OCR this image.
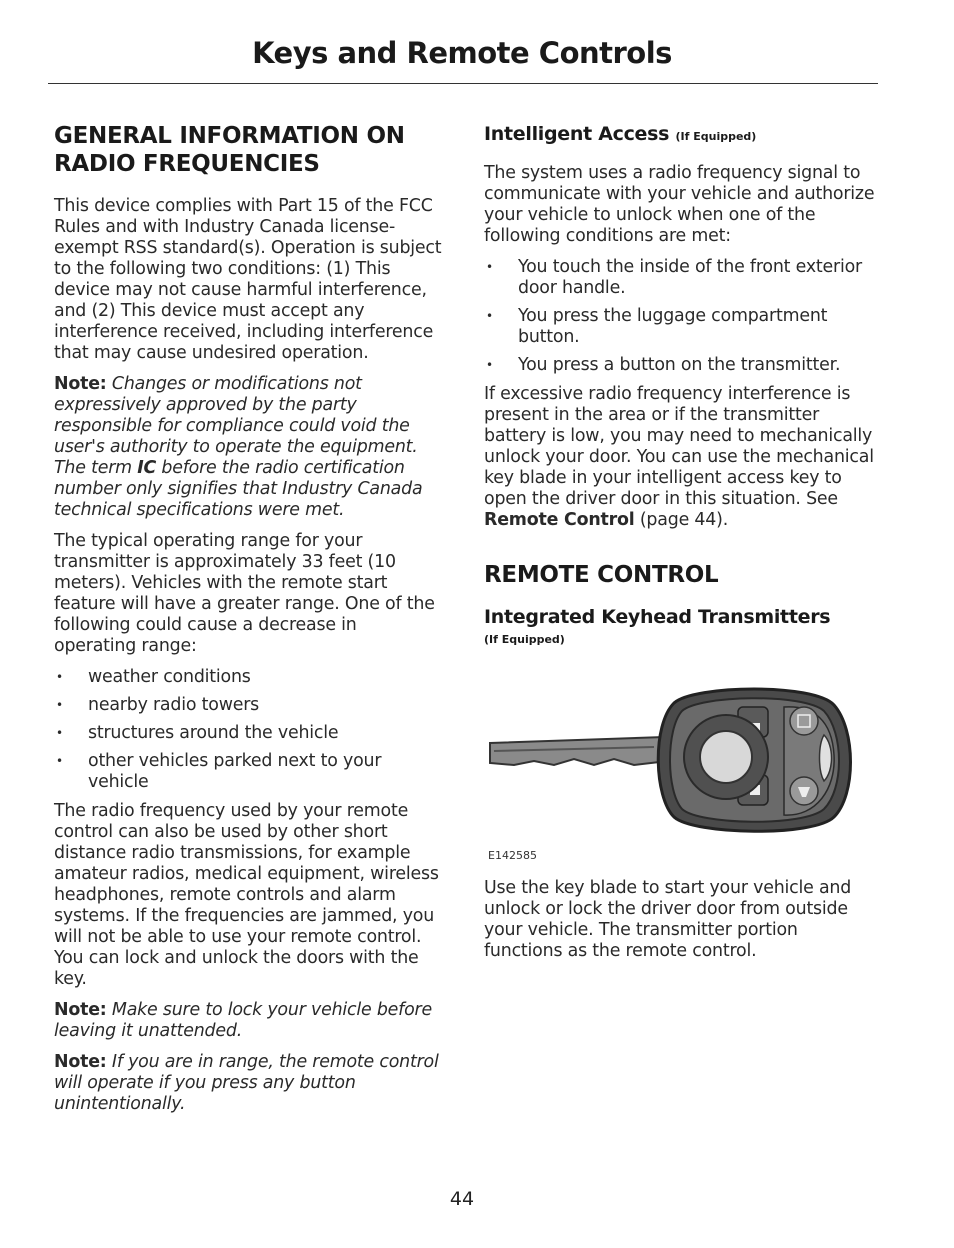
Keys and Remote Controls
GENERAL INFORMATION ON RADIO FREQUENCIES

This device complies with Part 15 of the FCC Rules and with Industry Canada license-exempt RSS standard(s). Operation is subject to the following two conditions: (1) This device may not cause harmful interference, and (2) This device must accept any interference received, including interference that may cause undesired operation.

Note: Changes or modifications not expressively approved by the party responsible for compliance could void the user's authority to operate the equipment. The term IC before the radio certification number only signifies that Industry Canada technical specifications were met.

The typical operating range for your transmitter is approximately 33 feet (10 meters). Vehicles with the remote start feature will have a greater range. One of the following could cause a decrease in operating range:

• weather conditions
• nearby radio towers
• structures around the vehicle
• other vehicles parked next to your vehicle

The radio frequency used by your remote control can also be used by other short distance radio transmissions, for example amateur radios, medical equipment, wireless headphones, remote controls and alarm systems. If the frequencies are jammed, you will not be able to use your remote control. You can lock and unlock the doors with the key.

Note: Make sure to lock your vehicle before leaving it unattended.

Note: If you are in range, the remote control will operate if you press any button unintentionally.

Intelligent Access (If Equipped)

The system uses a radio frequency signal to communicate with your vehicle and authorize your vehicle to unlock when one of the following conditions are met:

• You touch the inside of the front exterior door handle.
• You press the luggage compartment button.
• You press a button on the transmitter.

If excessive radio frequency interference is present in the area or if the transmitter battery is low, you may need to mechanically unlock your door. You can use the mechanical key blade in your intelligent access key to open the driver door in this situation. See Remote Control (page 44).

REMOTE CONTROL
Integrated Keyhead Transmitters
(If Equipped)
E142585

Use the key blade to start your vehicle and unlock or lock the driver door from outside your vehicle. The transmitter portion functions as the remote control.

44
